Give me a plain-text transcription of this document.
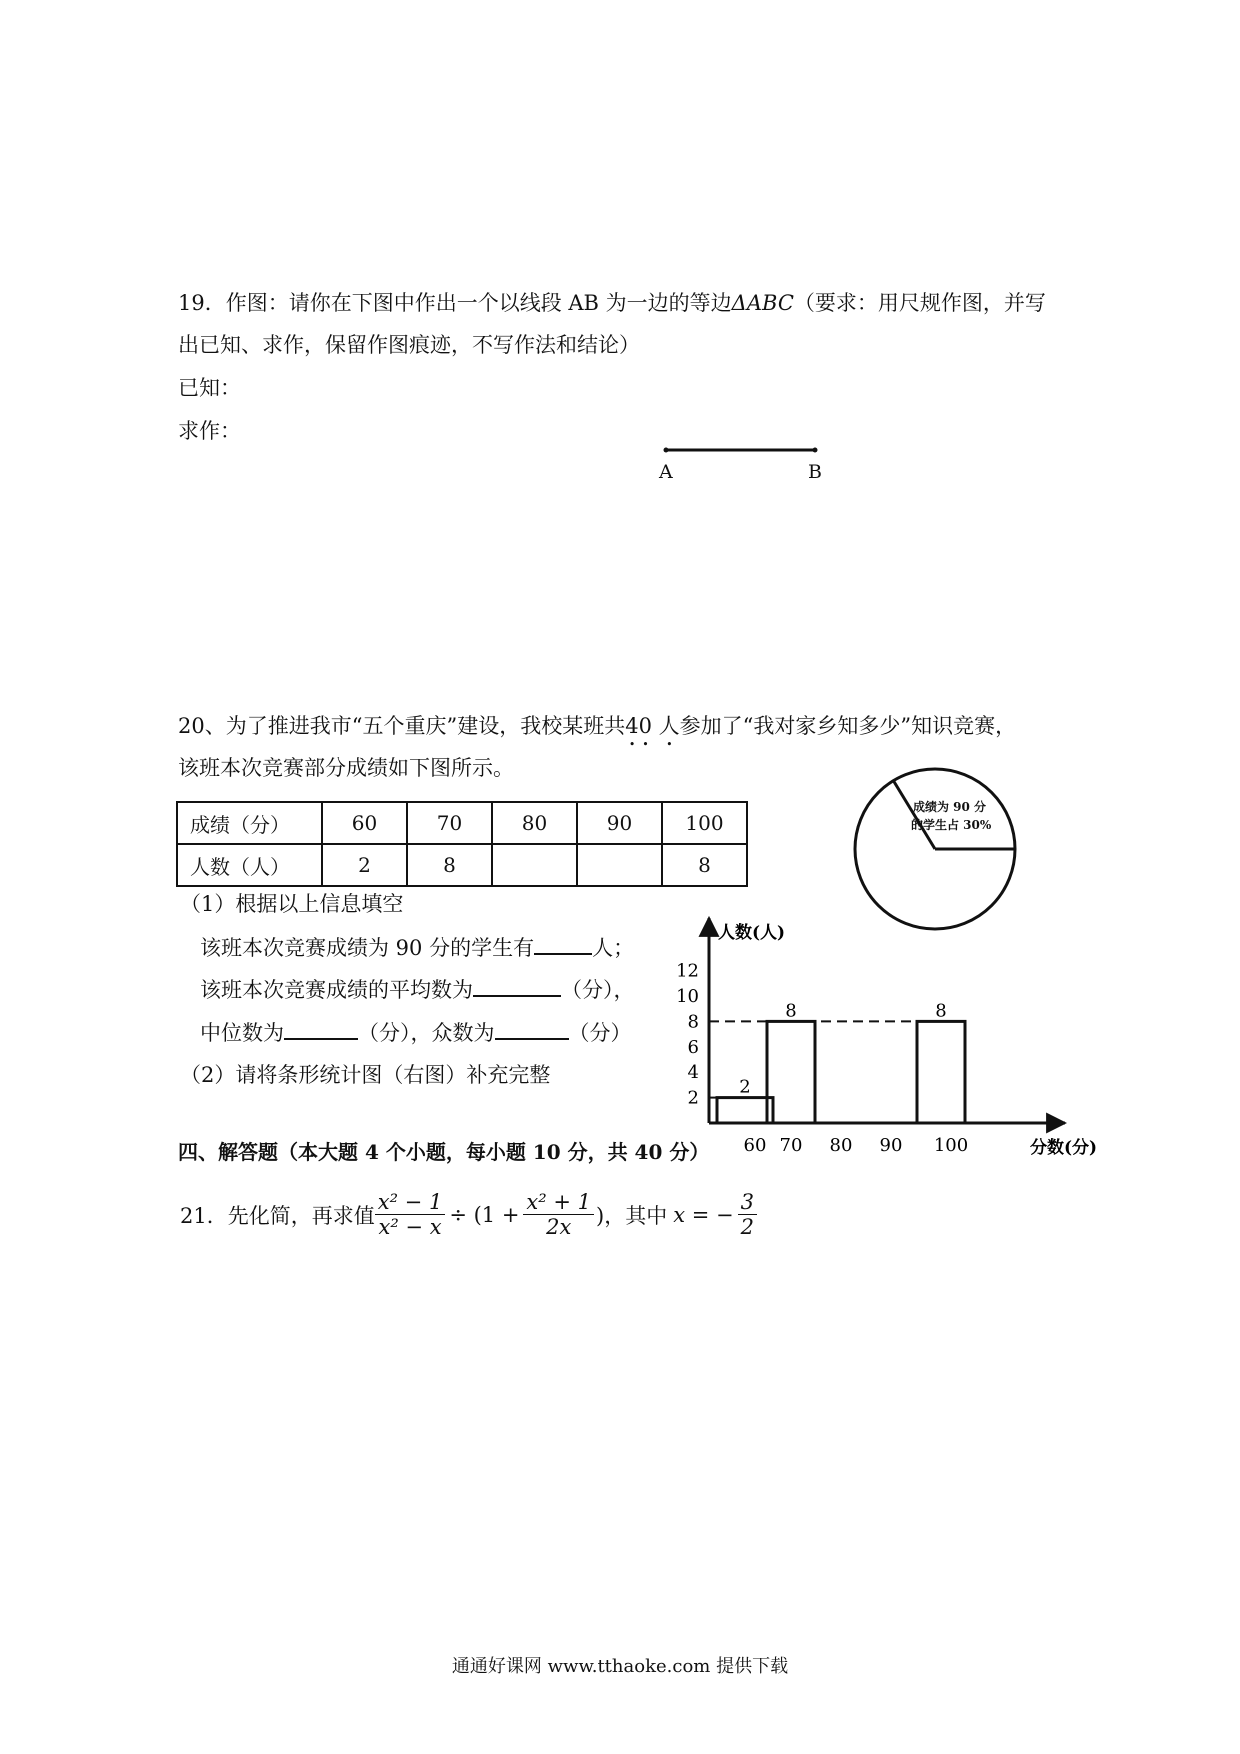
19．作图：请你在下图中作出一个以线段 AB 为一边的等边ΔABC（要求：用尺规作图，并写
出已知、求作，保留作图痕迹，不写作法和结论）
已知：
求作：
A	B
20、为了推进我市“五个重庆”建设，我校某班共40 人参加了“我对家乡知多少”知识竞赛，
该班本次竞赛部分成绩如下图所示。
成绩（分）	60	70	80	90	100
人数（人）	2	8			8
成绩为 90 分
的学生占 30%
（1）根据以上信息填空
该班本次竞赛成绩为 90 分的学生有	人；
该班本次竞赛成绩的平均数为	（分），
中位数为	（分），众数为	（分）
（2）请将条形统计图（右图）补充完整
人数(人)
分数(分)
2
4
6
8
10
12
2
8	8
60 70 80 90 100
四、解答题（本大题 4 个小题，每小题 10 分，共 40 分）
21．先化简，再求值 $\frac{\text{x² − 1}}{\text{x² − x}} \div (1 + \frac{\text{x² + 1}}{2x}$ )，其中 x = − $\frac{3}{2}$
通通好课网 www.tthaoke.com 提供下载
